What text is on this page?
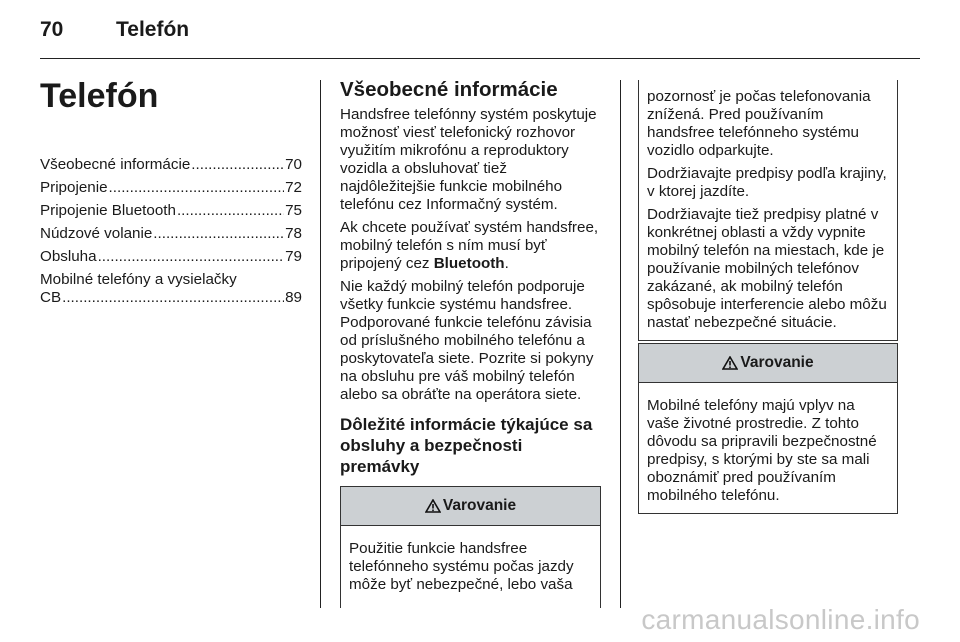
70	Telefón
Telefón
Všeobecné informácie .....	70
Pripojenie .....	72
Pripojenie Bluetooth .....	75
Núdzové volanie .....	78
Obsluha .....	79
Mobilné telefóny a vysielačky
CB .....	89
Všeobecné informácie

Handsfree telefónny systém poskytuje možnosť viesť telefonický rozhovor využitím mikrofónu a reproduktory vozidla a obsluhovať tiež najdôležitejšie funkcie mobilného telefónu cez Informačný systém.

Ak chcete používať systém handsfree, mobilný telefón s ním musí byť pripojený cez Bluetooth.

Nie každý mobilný telefón podporuje všetky funkcie systému handsfree. Podporované funkcie telefónu závisia od príslušného mobilného telefónu a poskytovateľa siete. Pozrite si pokyny na obsluhu pre váš mobilný telefón alebo sa obráťte na operátora siete.

Dôležité informácie týkajúce sa obsluhy a bezpečnosti premávky
Varovanie
Použitie funkcie handsfree telefónneho systému počas jazdy môže byť nebezpečné, lebo vaša

pozornosť je počas telefonovania znížená. Pred používaním handsfree telefónneho systému vozidlo odparkujte.

Dodržiavajte predpisy podľa krajiny, v ktorej jazdíte.

Dodržiavajte tiež predpisy platné v konkrétnej oblasti a vždy vypnite mobilný telefón na miestach, kde je používanie mobilných telefónov zakázané, ak mobilný telefón spôsobuje interferencie alebo môžu nastať nebezpečné situácie.

Varovanie
Mobilné telefóny majú vplyv na vaše životné prostredie. Z tohto dôvodu sa pripravili bezpečnostné predpisy, s ktorými by ste sa mali oboznámiť pred používaním mobilného telefónu.
carmanualsonline.info
